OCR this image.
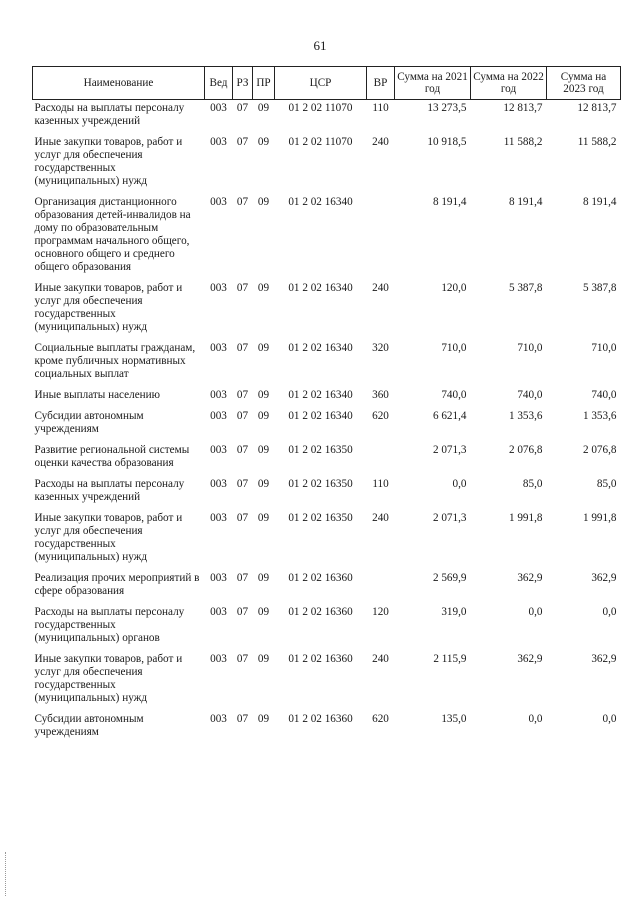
61
Наименование	Вед	РЗ	ПР	ЦСР	ВР	Сумма на 2021 год	Сумма на 2022 год	Сумма на 2023 год
Расходы на выплаты персоналу казенных учреждений	003	07	09	01 2 02 11070	110	13 273,5	12 813,7	12 813,7
Иные закупки товаров, работ и услуг для обеспечения государственных (муниципальных) нужд	003	07	09	01 2 02 11070	240	10 918,5	11 588,2	11 588,2
Организация дистанционного образования детей-инвалидов на дому по образовательным программам начального общего, основного общего и среднего общего образования	003	07	09	01 2 02 16340		8 191,4	8 191,4	8 191,4
Иные закупки товаров, работ и услуг для обеспечения государственных (муниципальных) нужд	003	07	09	01 2 02 16340	240	120,0	5 387,8	5 387,8
Социальные выплаты гражданам, кроме публичных нормативных социальных выплат	003	07	09	01 2 02 16340	320	710,0	710,0	710,0
Иные выплаты населению	003	07	09	01 2 02 16340	360	740,0	740,0	740,0
Субсидии автономным учреждениям	003	07	09	01 2 02 16340	620	6 621,4	1 353,6	1 353,6
Развитие региональной системы оценки качества образования	003	07	09	01 2 02 16350		2 071,3	2 076,8	2 076,8
Расходы на выплаты персоналу казенных учреждений	003	07	09	01 2 02 16350	110	0,0	85,0	85,0
Иные закупки товаров, работ и услуг для обеспечения государственных (муниципальных) нужд	003	07	09	01 2 02 16350	240	2 071,3	1 991,8	1 991,8
Реализация прочих мероприятий в сфере образования	003	07	09	01 2 02 16360		2 569,9	362,9	362,9
Расходы на выплаты персоналу государственных (муниципальных) органов	003	07	09	01 2 02 16360	120	319,0	0,0	0,0
Иные закупки товаров, работ и услуг для обеспечения государственных (муниципальных) нужд	003	07	09	01 2 02 16360	240	2 115,9	362,9	362,9
Субсидии автономным учреждениям	003	07	09	01 2 02 16360	620	135,0	0,0	0,0
